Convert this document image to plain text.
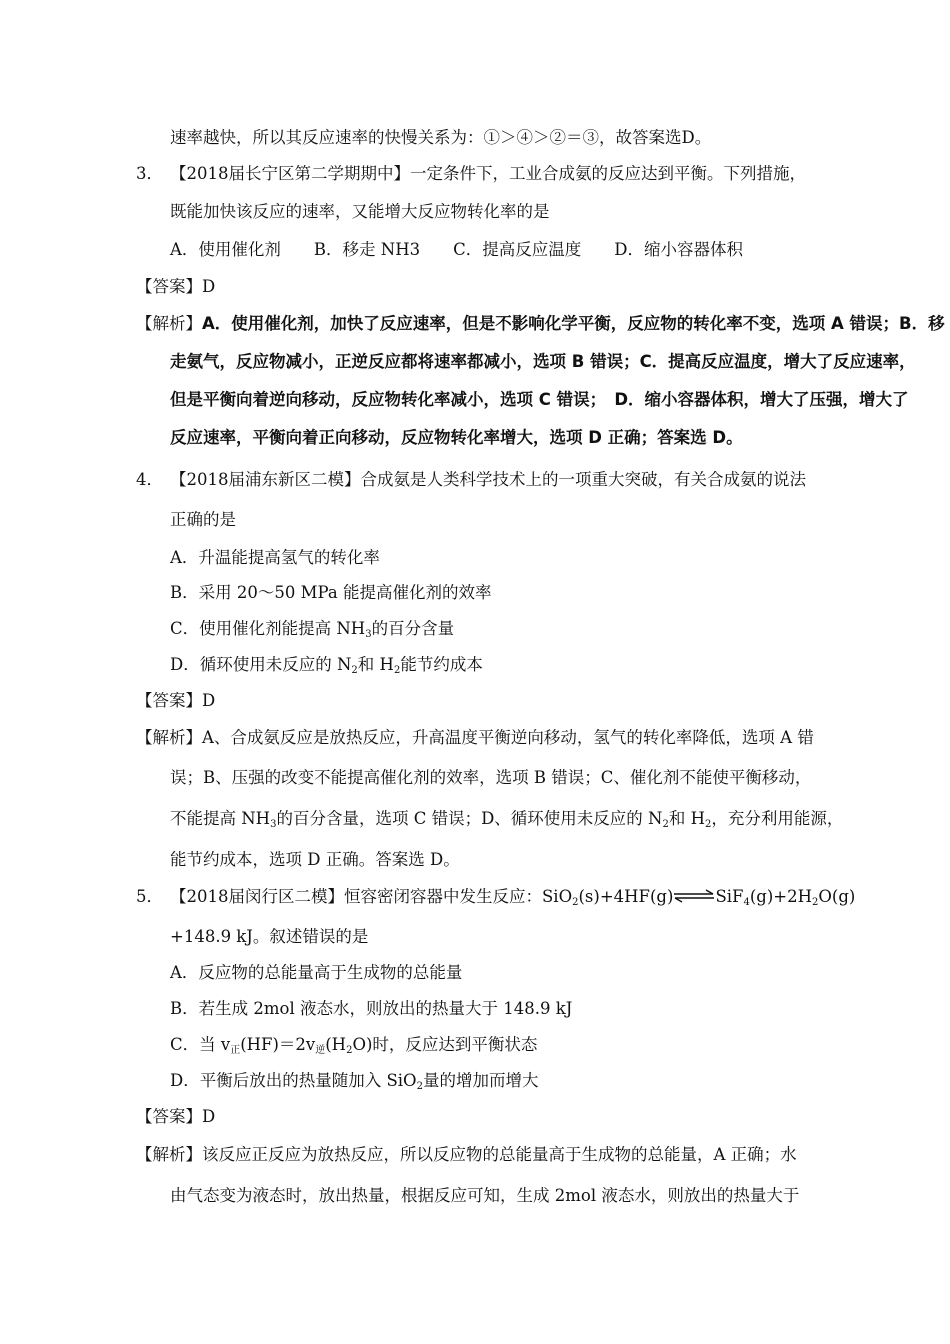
速率越快，所以其反应速率的快慢关系为：①＞④＞②＝③，故答案选D。
3． 【2018届长宁区第二学期期中】一定条件下，工业合成氨的反应达到平衡。下列措施，
既能加快该反应的速率，又能增大反应物转化率的是
A．使用催化剂　　B．移走 NH3　　C．提高反应温度　　D．缩小容器体积
【答案】D
【解析】A．使用催化剂，加快了反应速率，但是不影响化学平衡，反应物的转化率不变，选项 A 错误；B．移
走氨气，反应物减小，正逆反应都将速率都减小，选项 B 错误；C．提高反应温度，增大了反应速率，
但是平衡向着逆向移动，反应物转化率减小，选项 C 错误；　D．缩小容器体积，增大了压强，增大了
反应速率，平衡向着正向移动，反应物转化率增大，选项 D 正确；答案选 D。
4． 【2018届浦东新区二模】合成氨是人类科学技术上的一项重大突破，有关合成氨的说法
正确的是
A．升温能提高氢气的转化率
B．采用 20～50 MPa 能提高催化剂的效率
C．使用催化剂能提高 $NH_3$的百分含量
D．循环使用未反应的 $N_2$和 $H_2$能节约成本
【答案】D
【解析】A、合成氨反应是放热反应，升高温度平衡逆向移动，氢气的转化率降低，选项 A 错
误；B、压强的改变不能提高催化剂的效率，选项 B 错误；C、催化剂不能使平衡移动，
不能提高 $NH_3$的百分含量，选项 C 错误；D、循环使用未反应的 $N_2$和 $H_2$，充分利用能源，
能节约成本，选项 D 正确。答案选 D。
5． 【2018届闵行区二模】恒容密闭容器中发生反应：$SiO_2(s)+4HF(g)\rightleftharpoons SiF_4(g)+2H_2O(g)$
+148.9 kJ。叙述错误的是
A．反应物的总能量高于生成物的总能量
B．若生成 2mol 液态水，则放出的热量大于 148.9 kJ
C．当 $v_正(HF)=2v_逆(H_2O)$时，反应达到平衡状态
D．平衡后放出的热量随加入 SiO$_2$量的增加而增大
【答案】D
【解析】该反应正反应为放热反应，所以反应物的总能量高于生成物的总能量，A 正确；水
由气态变为液态时，放出热量，根据反应可知，生成 2mol 液态水，则放出的热量大于
